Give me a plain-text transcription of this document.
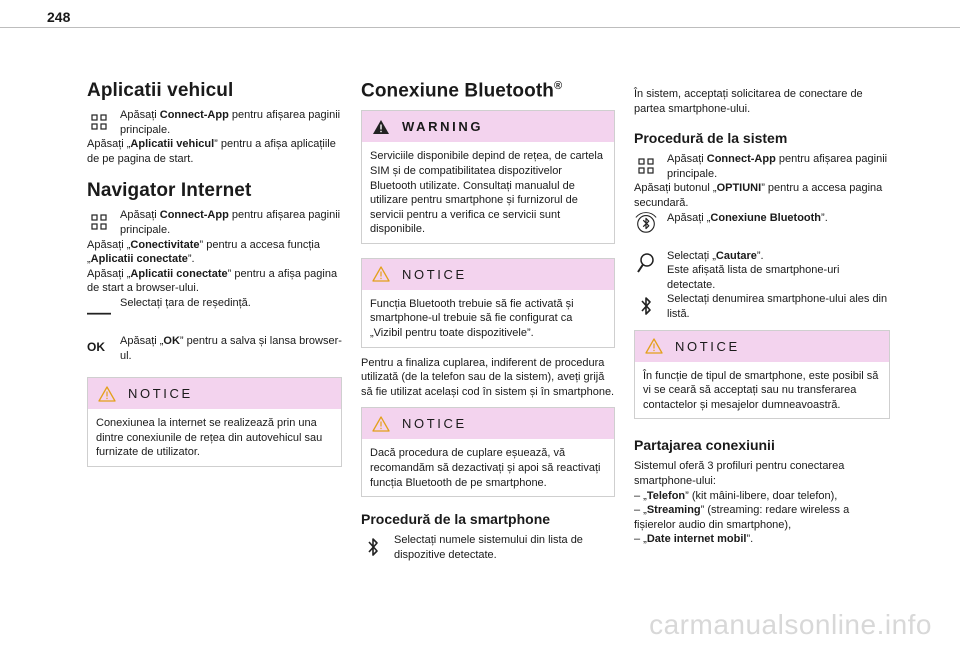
248
Aplicatii vehicul
Apăsați Connect-App pentru afișarea paginii principale.

Apăsați „Aplicatii vehicul” pentru a afișa aplicațiile de pe pagina de start.

Navigator Internet
Apăsați Connect-App pentru afișarea paginii principale.

Apăsați „Conectivitate” pentru a accesa funcția „Aplicatii conectate”.

Apăsați „Aplicatii conectate” pentru a afișa pagina de start a browser-ului.

Selectați țara de reședință.
OK	Apăsați „OK” pentru a salva și lansa browser-ul.
NOTICE
Conexiunea la internet se realizează prin una dintre conexiunile de rețea din autovehicul sau furnizate de utilizator.
Conexiune Bluetooth®
WARNING
Serviciile disponibile depind de rețea, de cartela SIM și de compatibilitatea dispozitivelor Bluetooth utilizate. Consultați manualul de utilizare pentru smartphone și furnizorul de servicii pentru a verifica ce servicii sunt disponibile.
NOTICE
Funcția Bluetooth trebuie să fie activată și smartphone-ul trebuie să fie configurat ca „Vizibil pentru toate dispozitivele”.

Pentru a finaliza cuplarea, indiferent de procedura utilizată (de la telefon sau de la sistem), aveți grijă să fie utilizat același cod în sistem și în smartphone.

NOTICE
Dacă procedura de cuplare eșuează, vă recomandăm să dezactivați și apoi să reactivați funcția Bluetooth de pe smartphone.
Procedură de la smartphone
Selectați numele sistemului din lista de dispozitive detectate.

În sistem, acceptați solicitarea de conectare de partea smartphone-ului.

Procedură de la sistem
Apăsați Connect-App pentru afișarea paginii principale.

Apăsați butonul „OPTIUNI” pentru a accesa pagina secundară.

Apăsați „Conexiune Bluetooth”.
Selectați „Cautare”.
Este afișată lista de smartphone-uri detectate.
Selectați denumirea smartphone-ului ales din listă.
NOTICE
În funcție de tipul de smartphone, este posibil să vi se ceară să acceptați sau nu transferarea contactelor și mesajelor dumneavoastră.
Partajarea conexiunii

Sistemul oferă 3 profiluri pentru conectarea smartphone-ului:

– „Telefon” (kit mâini-libere, doar telefon),

– „Streaming” (streaming: redare wireless a fișierelor audio din smartphone),

– „Date internet mobil”.

carmanualsonline.info
